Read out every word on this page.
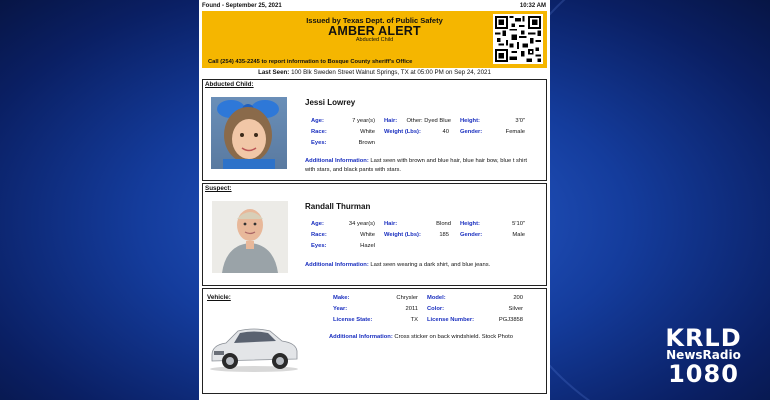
Found - September 25, 2021	10:32 AM
Issued by Texas Dept. of Public Safety
AMBER ALERT
Abducted Child
Call (254) 435-2245 to report information to Bosque County sheriff's Office
Last Seen: 100 Blk Sweden Street Walnut Springs, TX at 05:00 PM on Sep 24, 2021
Abducted Child:
Jessi Lowrey
Age:	7 year(s) Hair:	Other: Dyed Blue Height:	3'0"
Race:	White Weight (Lbs):	40 Gender:	Female
Eyes:	Brown
Additional Information: Last seen with brown and blue hair, blue hair bow, blue t shirt with stars, and black pants with stars.
Suspect:
Randall Thurman
Age:	34 year(s) Hair:	Blond Height:	5'10"
Race:	White Weight (Lbs):	185 Gender:	Male
Eyes:	Hazel
Additional Information: Last seen wearing a dark shirt, and blue jeans.
Vehicle:	Make:	Chrysler Model:	200
Year:	2011 Color:	Silver
License State:	TX License Number:	PGJ3858
Additional Information: Cross sticker on back windshield. Stock Photo	KRLD
NewsRadio
1080
